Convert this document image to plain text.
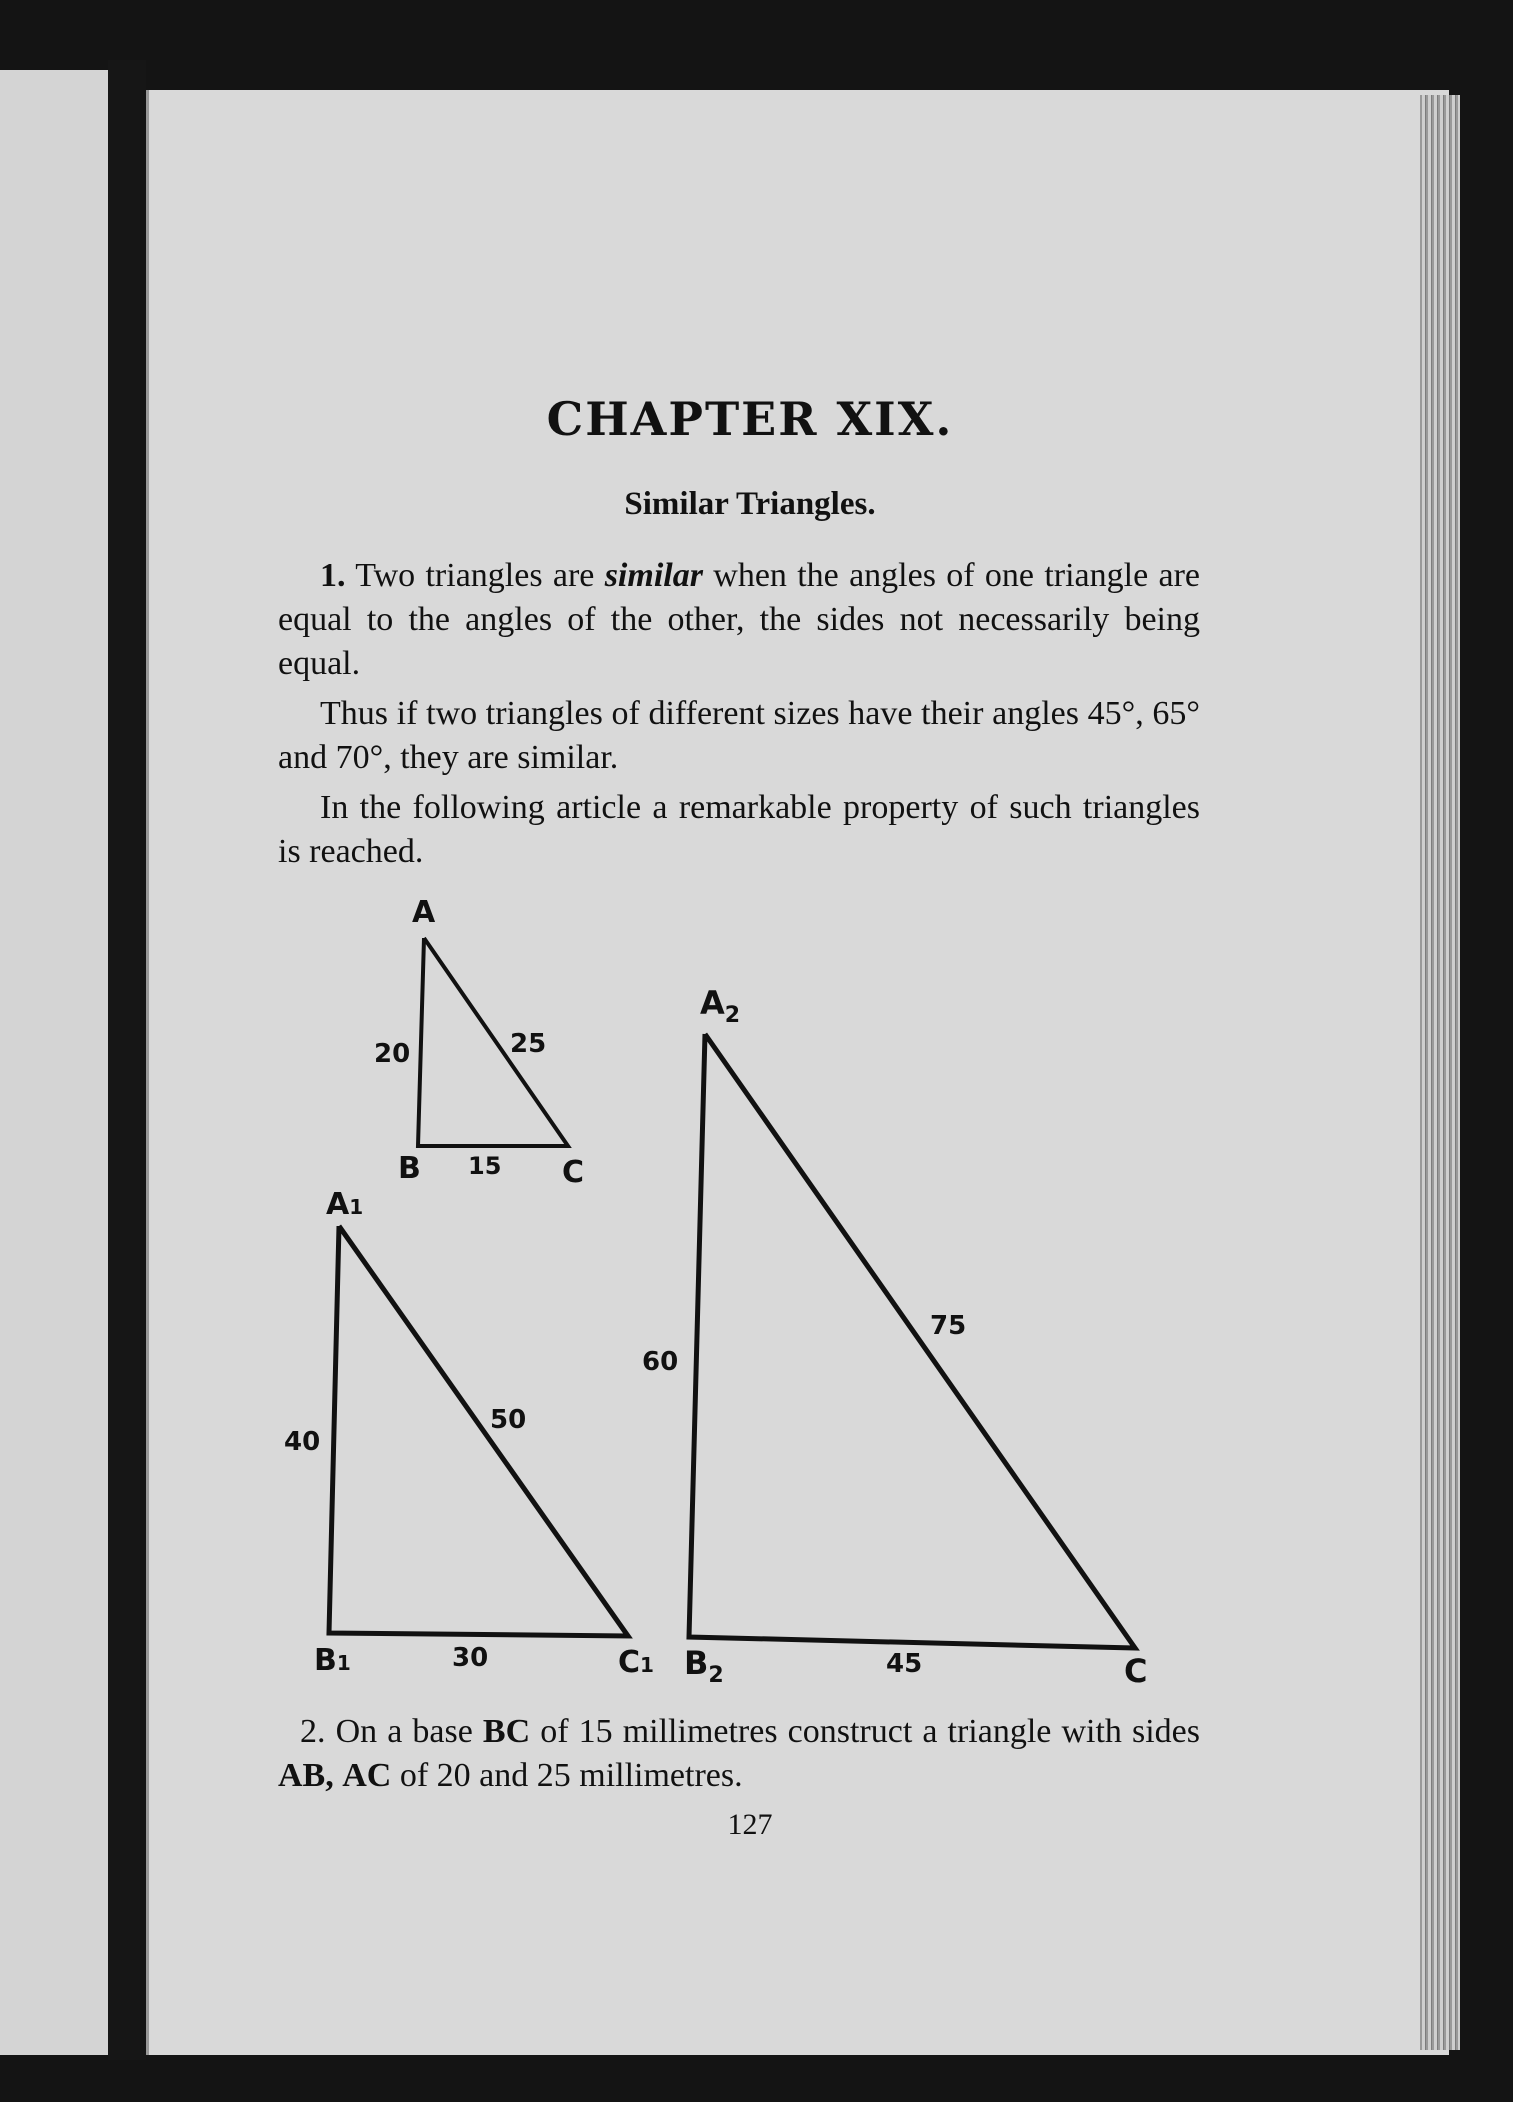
CHAPTER XIX.
Similar Triangles.

1. Two triangles are similar when the angles of one triangle are equal to the angles of the other, the sides not necessarily being equal.

Thus if two triangles of different sizes have their angles 45°, 65° and 70°, they are similar.

In the following article a remarkable property of such triangles is reached.

A
B	C
20	25
15
A1
B1	C1
40
50
30
$A_2$
$B_2$	C
60
75
45

2. On a base BC of 15 millimetres construct a triangle with sides AB, AC of 20 and 25 millimetres.

127
